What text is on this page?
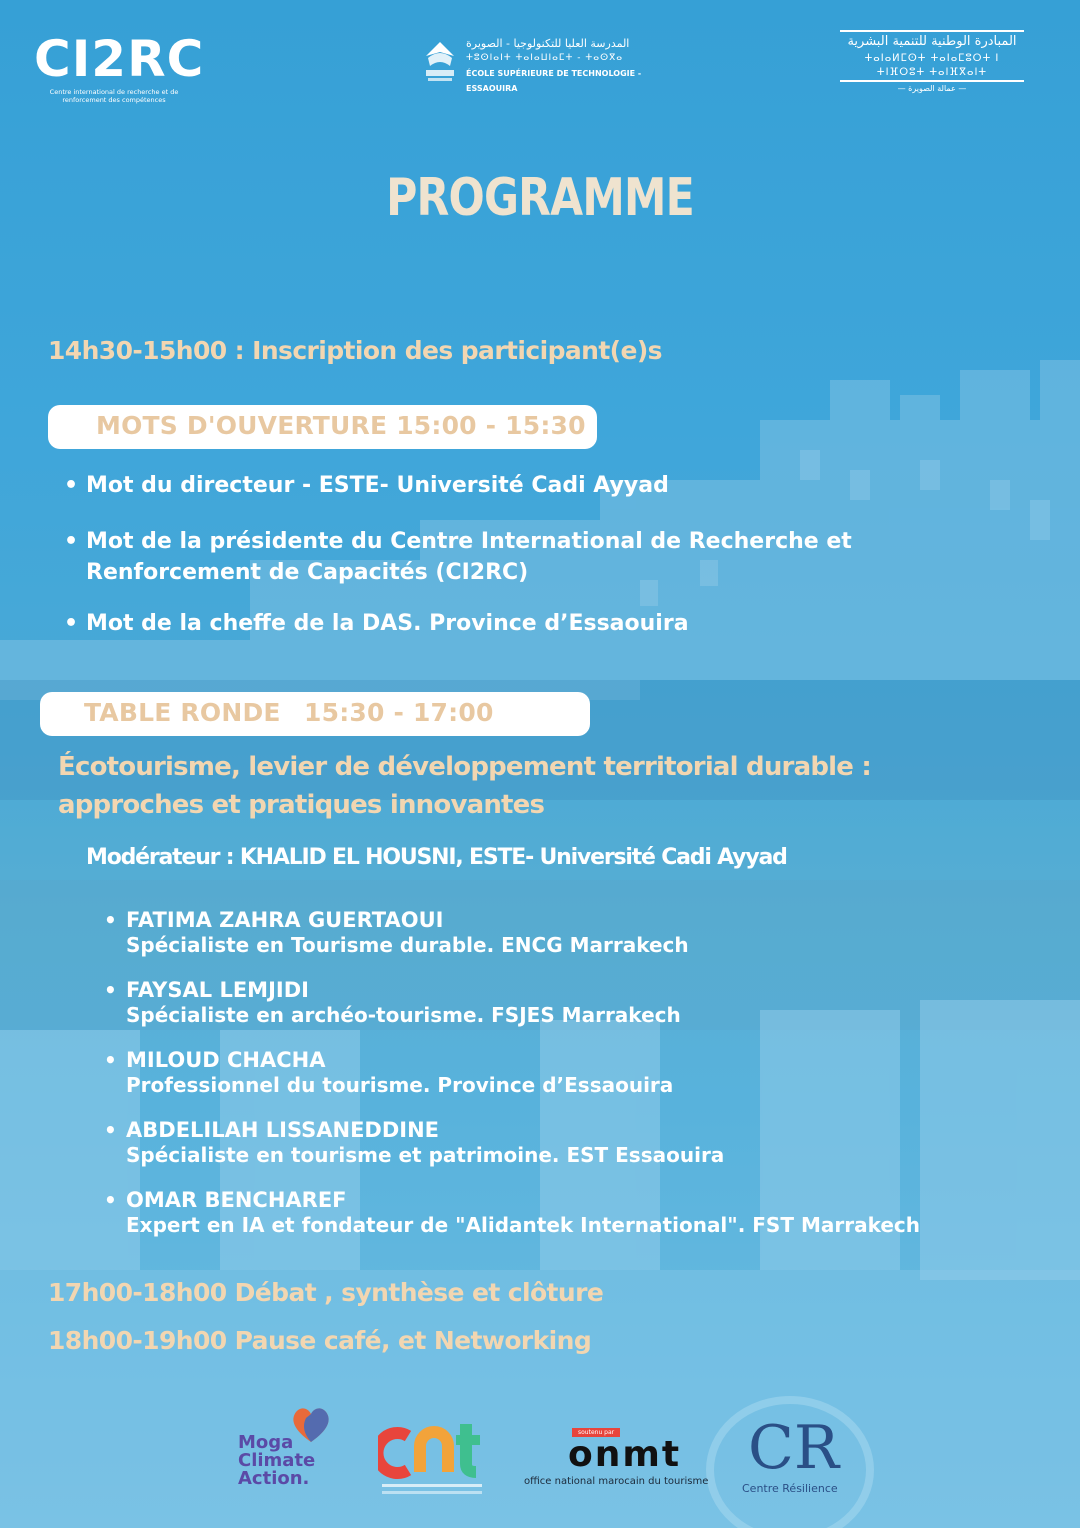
CI2RC
Centre international de recherche et de renforcement des compétences
المدرسة العليا للتكنولوجيا - الصويرة
ⵜⵓⵙⵏⴰⵏⵜ ⵜⴰⵏⴰⵡⵏⴰⵎⵜ - ⵜⴰⵙⴳⴰ
ÉCOLE SUPÉRIEURE DE TECHNOLOGIE - ESSAOUIRA
المبادرة الوطنية للتنمية البشرية
ⵜⴰⵏⴰⵍⵎⵙⵜ ⵜⴰⵏⴰⵎⵓⵔⵜ ⵏ ⵜⵏⴼⵔⵓⵜ ⵜⴰⵏⴼⴳⴰⵏⵜ
— عمالة الصويرة —
PROGRAMME
14h30-15h00 : Inscription des participant(e)s
MOTS D'OUVERTURE 15:00 - 15:30
• Mot du directeur - ESTE- Université Cadi Ayyad
• Mot de la présidente du Centre International de Recherche et Renforcement de Capacités (CI2RC)
• Mot de la cheffe de la DAS. Province d’Essaouira
TABLE RONDE 15:30 - 17:00
Écotourisme, levier de développement territorial durable : approches et pratiques innovantes
Modérateur : KHALID EL HOUSNI, ESTE- Université Cadi Ayyad
• FATIMA ZAHRA GUERTAOUI
Spécialiste en Tourisme durable. ENCG Marrakech
• FAYSAL LEMJIDI
Spécialiste en archéo-tourisme. FSJES Marrakech
• MILOUD CHACHA
Professionnel du tourisme. Province d’Essaouira
• ABDELILAH LISSANEDDINE
Spécialiste en tourisme et patrimoine. EST Essaouira
• OMAR BENCHAREF
Expert en IA et fondateur de "Alidantek International". FST Marrakech
17h00-18h00 Débat , synthèse et clôture
18h00-19h00 Pause café, et Networking
Moga
Climate
Action.
soutenu par
onmt
office national marocain du tourisme CR
Centre Résilience
